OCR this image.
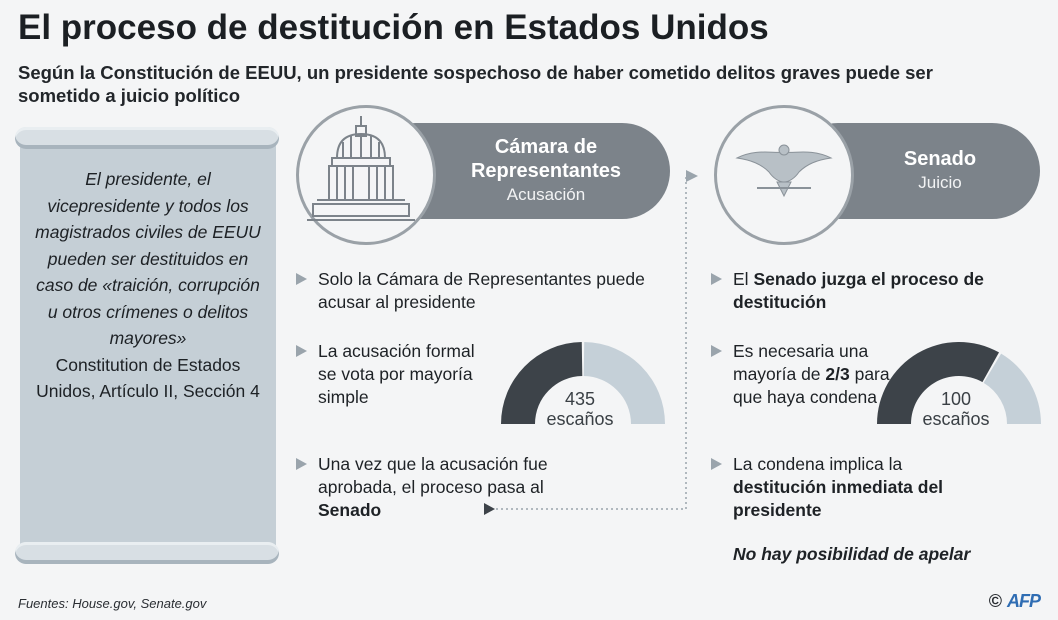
El proceso de destitución en Estados Unidos
Según la Constitución de EEUU, un presidente sospechoso de haber cometido delitos graves puede ser sometido a juicio político
El presidente, el vicepresidente y todos los magistrados civiles de EEUU pueden ser destituidos en caso de «traición, corrupción u otros crímenes o delitos mayores»
Constitution de Estados Unidos, Artículo II, Sección 4
Cámara de Representantes
Acusación
Senado
Juicio
Solo la Cámara de Representantes puede acusar al presidente
La acusación formal se vota por mayoría simple
Una vez que la acusación fue aprobada, el proceso pasa al Senado
El Senado juzga el proceso de destitución
Es necesaria una mayoría de 2/3 para que haya condena
La condena implica la destitución inmediata del presidente
435
escaños
100
escaños
No hay posibilidad de apelar
Fuentes: House.gov, Senate.gov	© AFP
